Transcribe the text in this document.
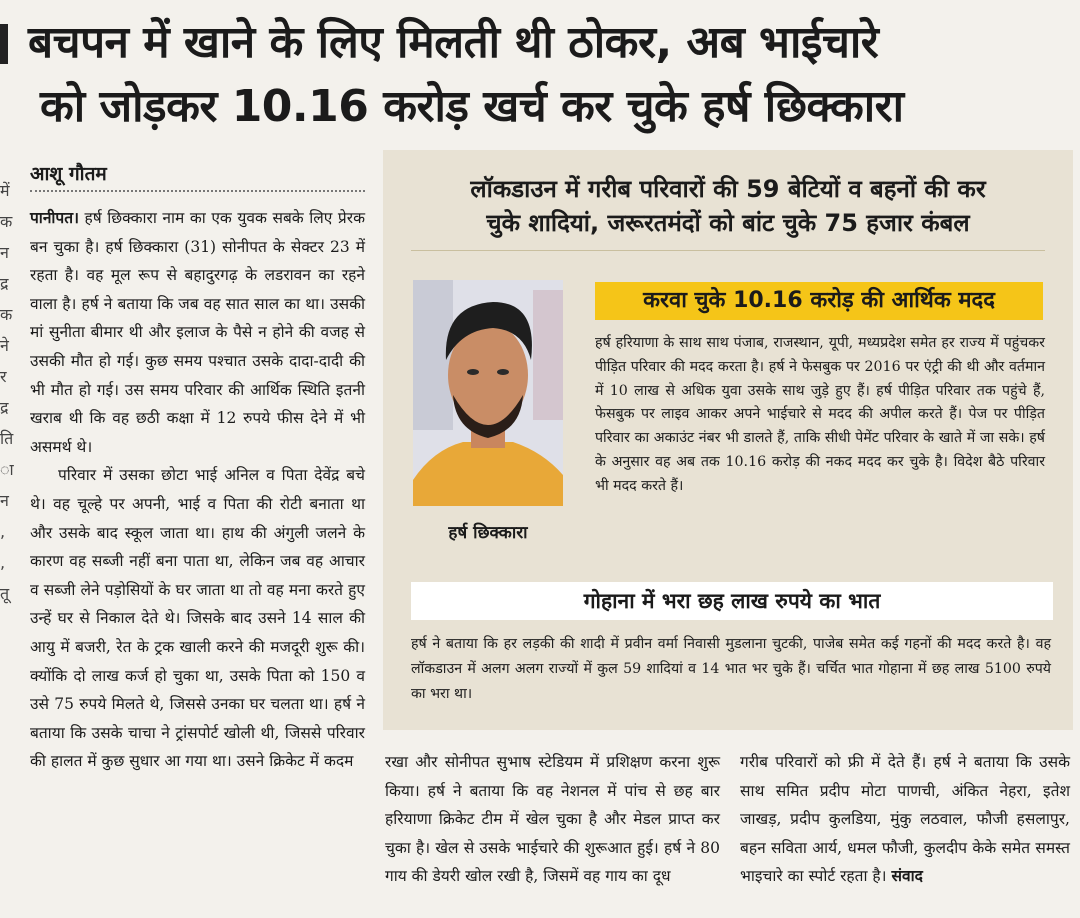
में
क
न
द्र
क
ने
र
द्र
ति
ा
न
,
,
तू
बचपन में खाने के लिए मिलती थी ठोकर, अब भाईचारे
को जोड़कर 10.16 करोड़ खर्च कर चुके हर्ष छिक्कारा
आशू गौतम

पानीपत। हर्ष छिक्कारा नाम का एक युवक सबके लिए प्रेरक बन चुका है। हर्ष छिक्कारा (31) सोनीपत के सेक्टर 23 में रहता है। वह मूल रूप से बहादुरगढ़ के लडरावन का रहने वाला है। हर्ष ने बताया कि जब वह सात साल का था। उसकी मां सुनीता बीमार थी और इलाज के पैसे न होने की वजह से उसकी मौत हो गई। कुछ समय पश्चात उसके दादा-दादी की भी मौत हो गई। उस समय परिवार की आर्थिक स्थिति इतनी खराब थी कि वह छठी कक्षा में 12 रुपये फीस देने में भी असमर्थ थे।

परिवार में उसका छोटा भाई अनिल व पिता देवेंद्र बचे थे। वह चूल्हे पर अपनी, भाई व पिता की रोटी बनाता था और उसके बाद स्कूल जाता था। हाथ की अंगुली जलने के कारण वह सब्जी नहीं बना पाता था, लेकिन जब वह आचार व सब्जी लेने पड़ोसियों के घर जाता था तो वह मना करते हुए उन्हें घर से निकाल देते थे। जिसके बाद उसने 14 साल की आयु में बजरी, रेत के ट्रक खाली करने की मजदूरी शुरू की। क्योंकि दो लाख कर्ज हो चुका था, उसके पिता को 150 व उसे 75 रुपये मिलते थे, जिससे उनका घर चलता था। हर्ष ने बताया कि उसके चाचा ने ट्रांसपोर्ट खोली थी, जिससे परिवार की हालत में कुछ सुधार आ गया था। उसने क्रिकेट में कदम

लॉकडाउन में गरीब परिवारों की 59 बेटियों व बहनों की कर
चुके शादियां, जरूरतमंदों को बांट चुके 75 हजार कंबल
हर्ष छिक्कारा
करवा चुके 10.16 करोड़ की आर्थिक मदद
हर्ष हरियाणा के साथ साथ पंजाब, राजस्थान, यूपी, मध्यप्रदेश समेत हर राज्य में पहुंचकर पीड़ित परिवार की मदद करता है। हर्ष ने फेसबुक पर 2016 पर एंट्री की थी और वर्तमान में 10 लाख से अधिक युवा उसके साथ जुड़े हुए हैं। हर्ष पीड़ित परिवार तक पहुंचे हैं, फेसबुक पर लाइव आकर अपने भाईचारे से मदद की अपील करते हैं। पेज पर पीड़ित परिवार का अकाउंट नंबर भी डालते हैं, ताकि सीधी पेमेंट परिवार के खाते में जा सके। हर्ष के अनुसार वह अब तक 10.16 करोड़ की नकद मदद कर चुके है। विदेश बैठे परिवार भी मदद करते हैं।
गोहाना में भरा छह लाख रुपये का भात
हर्ष ने बताया कि हर लड़की की शादी में प्रवीन वर्मा निवासी मुडलाना चुटकी, पाजेब समेत कई गहनों की मदद करते है। वह लॉकडाउन में अलग अलग राज्यों में कुल 59 शादियां व 14 भात भर चुके हैं। चर्चित भात गोहाना में छह लाख 5100 रुपये का भरा था।
रखा और सोनीपत सुभाष स्टेडियम में प्रशिक्षण करना शुरू किया। हर्ष ने बताया कि वह नेशनल में पांच से छह बार हरियाणा क्रिकेट टीम में खेल चुका है और मेडल प्राप्त कर चुका है। खेल से उसके भाईचारे की शुरूआत हुई। हर्ष ने 80 गाय की डेयरी खोल रखी है, जिसमें वह गाय का दूध
गरीब परिवारों को फ्री में देते हैं। हर्ष ने बताया कि उसके साथ समित प्रदीप मोटा पाणची, अंकित नेहरा, इतेश जाखड़, प्रदीप कुलडिया, मुंकु लठवाल, फौजी हसलापुर, बहन सविता आर्य, धमल फौजी, कुलदीप केके समेत समस्त भाइचारे का स्पोर्ट रहता है। संवाद
